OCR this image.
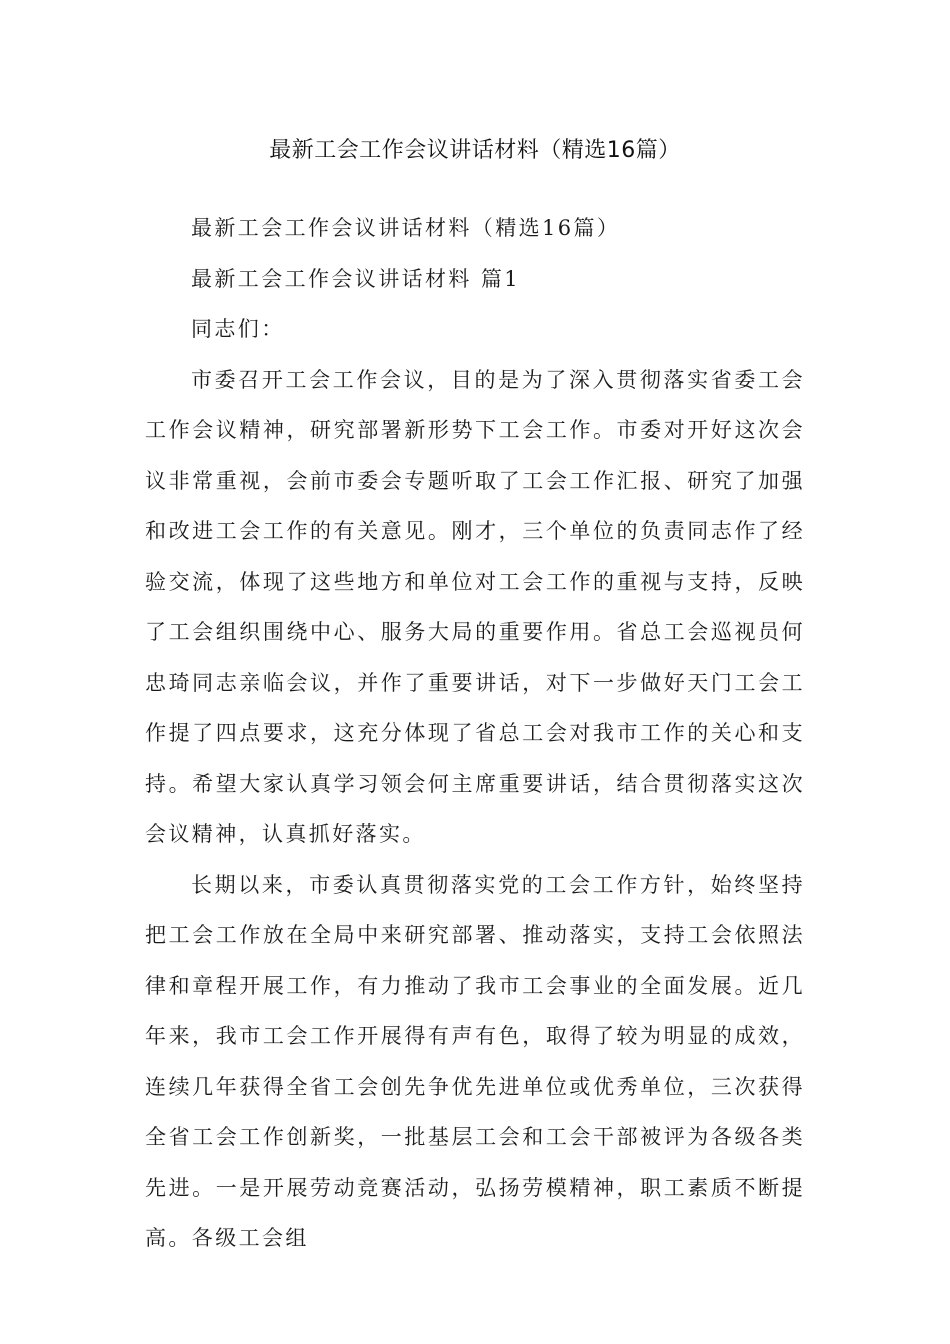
最新工会工作会议讲话材料（精选16篇）

最新工会工作会议讲话材料（精选16篇）

最新工会工作会议讲话材料 篇1

同志们：

市委召开工会工作会议，目的是为了深入贯彻落实省委工会工作会议精神，研究部署新形势下工会工作。市委对开好这次会议非常重视，会前市委会专题听取了工会工作汇报、研究了加强和改进工会工作的有关意见。刚才，三个单位的负责同志作了经验交流，体现了这些地方和单位对工会工作的重视与支持，反映了工会组织围绕中心、服务大局的重要作用。省总工会巡视员何忠琦同志亲临会议，并作了重要讲话，对下一步做好天门工会工作提了四点要求，这充分体现了省总工会对我市工作的关心和支持。希望大家认真学习领会何主席重要讲话，结合贯彻落实这次会议精神，认真抓好落实。

长期以来，市委认真贯彻落实党的工会工作方针，始终坚持把工会工作放在全局中来研究部署、推动落实，支持工会依照法律和章程开展工作，有力推动了我市工会事业的全面发展。近几年来，我市工会工作开展得有声有色，取得了较为明显的成效，连续几年获得全省工会创先争优先进单位或优秀单位，三次获得全省工会工作创新奖，一批基层工会和工会干部被评为各级各类先进。一是开展劳动竞赛活动，弘扬劳模精神，职工素质不断提高。各级工会组
